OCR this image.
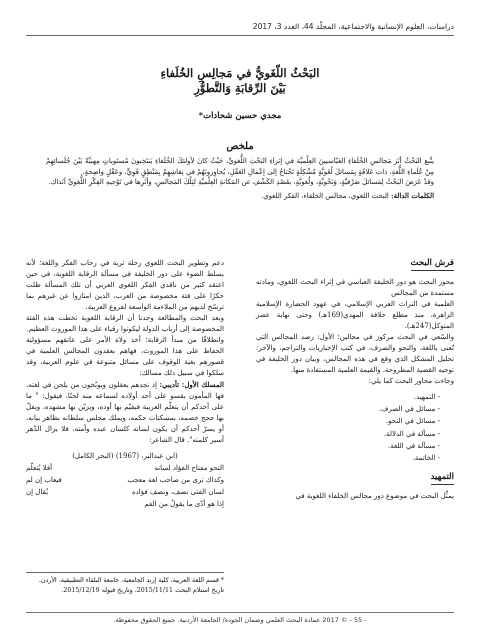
دراسات، العلوم الإنسانية والاجتماعية، المجلّد 44، العدد 3، 2017
البَحْثُ اللّغَويُّ في مَجالِسِ الخُلَفاءِ
بَيْنَ الرِّقابَةِ وَالتَّطوُّرِ
مجدي حسين شحادات*
ملخص

يتَّبع البَحْثُ أثَرَ مَجالسِ الخُلَفاءِ العَبّاسيينَ العِلْميَّة في إثراءِ البَحْثِ اللُّغويِّ، حَيْثُ كانَ لأولئكَ الخُلَفاءِ يَنتَخِبونَ مُستَوياتٍ مِهنيَّةً بَيْنَ جُلَسائِهِمْ مِنْ عُلَماءِ اللُّغةِ، ذات عَلاقَةٍ بِمَسائلَ لُغَويَّةٍ مُشْكِلَةٍ تَحْتاجُ إلى إعْمالِ العَقْلِ، يُحاوِرونَهُمْ في نِقاشِهِمْ بِمَنْطِقٍ قَوِيٍّ، وعَقْلٍ واضِحةٍ.

وقدْ عَرَضَ البَحْثُ لِمَسائلَ صَرْفيَّةٍ، وَنَحْويَّةٍ، ولُغويَّةٍ، بقَصْدِ الكَشْفِ عن المَكانةِ العِلْميَّةِ لتِلْكَ المَجالسِ، وأثَرِها في تَوْجيهِ الفِكْرِ اللُّغويِّ آنَذاك.

الكلمات الدالة: البحث اللغوي، مجالس الخلفاء، الفكر اللغوي.

فرش البحث

محور البحث هو دور الخليفة العباسي في إثراء البحث اللغوي، ومادته مستمدة من المجالس

العلمية في التراث العربي الإسلامي، في عهود الحضارة الإسلامية الزاهرة، منذ مطلع خلافة المهدي(169هـ) وحتى نهاية عصر المتوكل(247هـ).

والسّعي في البحث مركوز في مجالين؛ الأول: رصد المجالس التي تُعنى باللغة، والنحو والصرف، في كتب الإخباريات والتراجم، والآخر: تحليل المشكل الذي وقع في هذه المجالس، وبيان دور الخليفة في توجيه القضية المطروحة، والقيمة العلمية المستفادة منها.

وجاءت محاور البحث كما يلي:

- التمهيد.
- مسائل في الصرف.
- مسائل في النحو.
- مسألة في الدلالة.
- مسألة في اللغة.
- الخاتمة.
التمهيد

يمثِّل البحث في موضوع دور مجالس الخلفاء اللغوية في

دعم وتطوير البحث اللغوي رحلة ثرية في رحاب الفكر واللغة؛ لأنه يسلط الضوء على دور الخليفة في مسألة الرقابة اللغوية، في حين اعتقد كثير من ناقدي الفكر اللغوي العربي أن تلك المسألة ظلت حكرًا على فئة مخصوصة من العرب، الذين امتازوا عن غيرهم بما ترسّخ لديهم من الملاءمة الواسعة لفروع العربية.

وبعد البحث والمطالعة وجدنا أن الرقابة اللغوية تخطت هذه الفئة المخصوصة إلى أرباب الدولة ليكونوا رقباء على هذا الموروث العظيم.

وانطلاقًا من مبدأ الرقابة؛ أخذ ولاة الأمر على عاتقهم مسؤولية الحفاظ على هذا الموروث، فهاهم يعقدون المجالس العلمية في قصورهم بغية الوقوف على مسائل متنوعة في علوم العربية، وقد سلكوا في سبيل ذلك مسالك:

المسلك الأول: تأديبي: إذ نجدهم يعقلون ويوبّخون من يلحن في لغته، فها المأمون يقسو على أحد أولاده لسماعه منه لحنًا، فيقول: " ما على أحدكم أن يتعلّم العربية فيقيّم بها أوده، ويزيّن بها مشهده، ويفلّ بها حجج خصمه، بمسكتات حكمه، ويملك مجلس سلطانه بظاهر بيانه، أو يسرّ أحدكم أن يكون لسانه كلسان عبده وأمته، فلا يزال الدّهر أسير كلمته". قال الشاعر:

(ابن عبدالبر، (1967) (البحر الكامل)
النحو مفتاح الفؤاد لسانه
أفلا يُتعلّم
وكذاك ترى من صاحب لغة معجب
فيعاب إن لم
لسان الفتى نصف، ونصف فؤاده
يُقال إن
إذا هو أدّى ما يقولُ من الفم
* قسم اللغة العربية، كلية إربد الجامعية، جامعة البلقاء التطبيقية، الأردن. تاريخ استلام البحث 2015/11/11، وتاريخ قبوله 2015/12/19.
- 55 - © 2017 عمادة البحث العلمي وضمان الجودة/ الجامعة الأردنية. جميع الحقوق محفوظة.
